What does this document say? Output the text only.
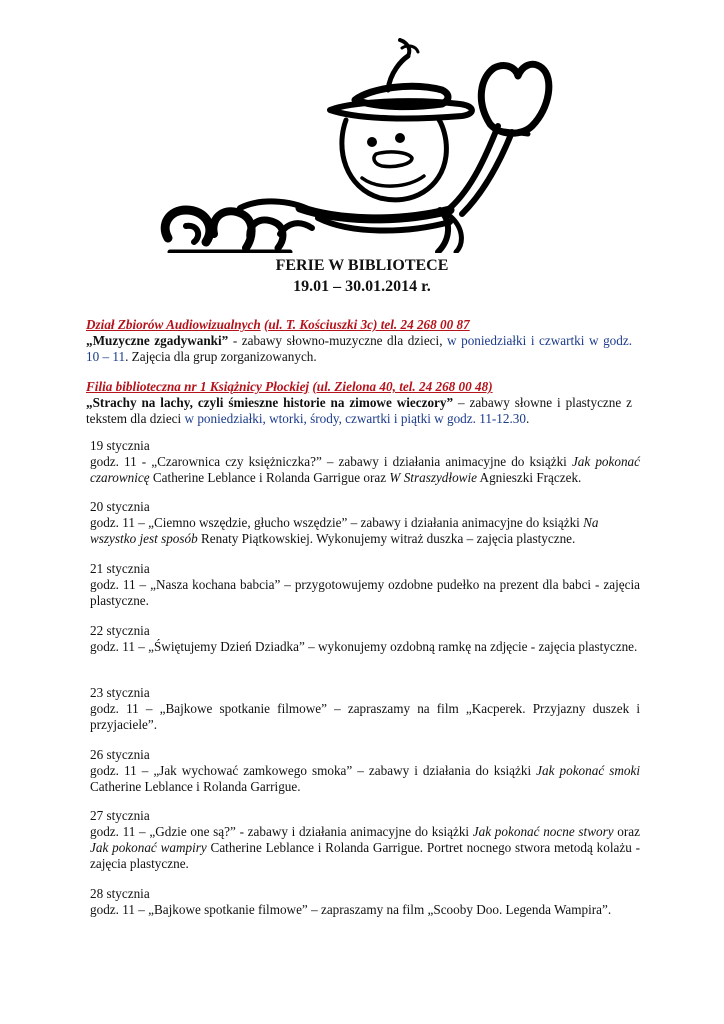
FERIE W BIBLIOTECE
19.01 – 30.01.2014 r.
Dział Zbiorów Audiowizualnych (ul. T. Kościuszki 3c) tel. 24 268 00 87
„Muzyczne zgadywanki” - zabawy słowno-muzyczne dla dzieci, w poniedziałki i czwartki w godz. 10 – 11. Zajęcia dla grup zorganizowanych.
Filia biblioteczna nr 1 Książnicy Płockiej (ul. Zielona 40, tel. 24 268 00 48)
„Strachy na lachy, czyli śmieszne historie na zimowe wieczory” – zabawy słowne i plastyczne z tekstem dla dzieci w poniedziałki, wtorki, środy, czwartki i piątki w godz. 11-12.30.

19 stycznia

godz. 11 - „Czarownica czy księżniczka?” – zabawy i działania animacyjne do książki Jak pokonać czarownicę Catherine Leblance i Rolanda Garrigue oraz W Straszydłowie Agnieszki Frączek.

20 stycznia

godz. 11 – „Ciemno wszędzie, głucho wszędzie” – zabawy i działania animacyjne do książki Na wszystko jest sposób Renaty Piątkowskiej. Wykonujemy witraż duszka – zajęcia plastyczne.

21 stycznia

godz. 11 – „Nasza kochana babcia” – przygotowujemy ozdobne pudełko na prezent dla babci - zajęcia plastyczne.

22 stycznia

godz. 11 – „Świętujemy Dzień Dziadka” – wykonujemy ozdobną ramkę na zdjęcie - zajęcia plastyczne.

23 stycznia

godz. 11 – „Bajkowe spotkanie filmowe” – zapraszamy na film „Kacperek. Przyjazny duszek i przyjaciele”.

26 stycznia

godz. 11 – „Jak wychować zamkowego smoka” – zabawy i działania do książki Jak pokonać smoki Catherine Leblance i Rolanda Garrigue.

27 stycznia

godz. 11 – „Gdzie one są?” - zabawy i działania animacyjne do książki Jak pokonać nocne stwory oraz Jak pokonać wampiry Catherine Leblance i Rolanda Garrigue. Portret nocnego stwora metodą kolażu - zajęcia plastyczne.

28 stycznia

godz. 11 – „Bajkowe spotkanie filmowe” – zapraszamy na film „Scooby Doo. Legenda Wampira”.
